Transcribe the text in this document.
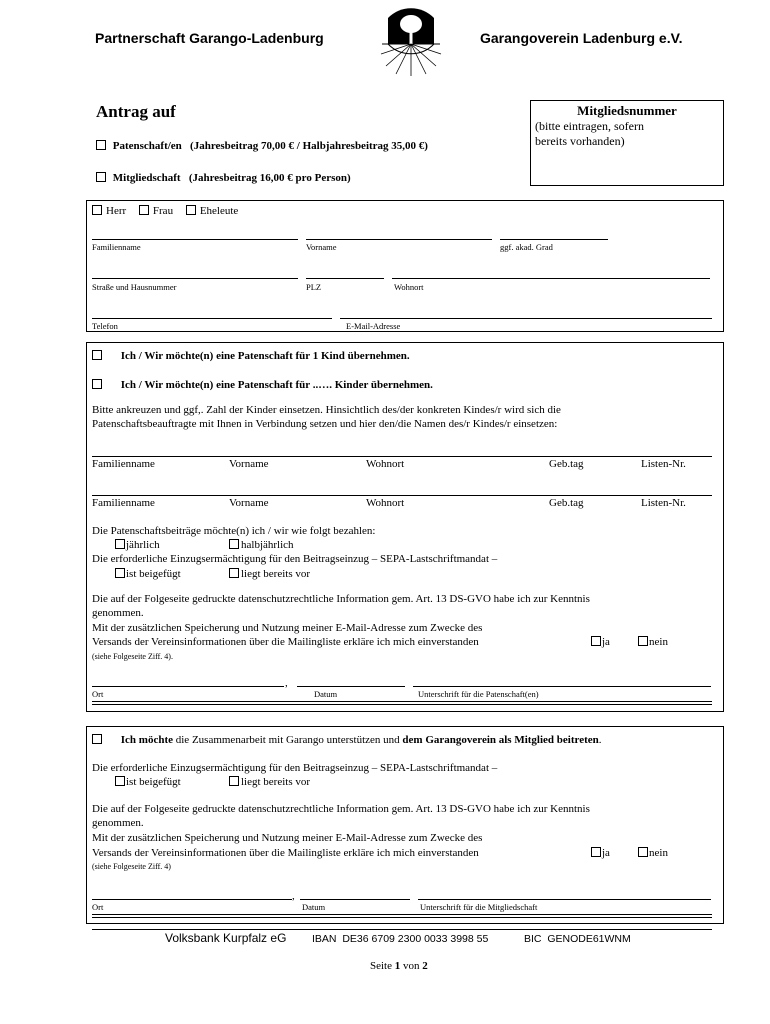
Partnerschaft Garango-Ladenburg	Garangoverein Ladenburg e.V.
Antrag auf
Patenschaft/en   (Jahresbeitrag 70,00 € / Halbjahresbeitrag 35,00 €)
Mitgliedschaft   (Jahresbeitrag 16,00 € pro Person)
Mitgliedsnummer
(bitte eintragen, sofern
bereits vorhanden)
Herr Frau Eheleute
Familienname	Vorname	ggf. akad. Grad
Straße und Hausnummer	PLZ	Wohnort
Telefon	E-Mail-Adresse
Ich / Wir möchte(n) eine Patenschaft für 1 Kind übernehmen.
Ich / Wir möchte(n) eine Patenschaft für ..…. Kinder übernehmen.
Bitte ankreuzen und ggf,. Zahl der Kinder einsetzen. Hinsichtlich des/der konkreten Kindes/r wird sich die
Patenschaftsbeauftragte mit Ihnen in Verbindung setzen und hier den/die Namen des/r Kindes/r einsetzen:
Familienname	Vorname	Wohnort	Geb.tag	Listen-Nr.
Familienname	Vorname	Wohnort	Geb.tag	Listen-Nr.
Die Patenschaftsbeiträge möchte(n) ich / wir wie folgt bezahlen:
jährlich	halbjährlich
Die erforderliche Einzugsermächtigung für den Beitragseinzug – SEPA-Lastschriftmandat –
ist beigefügt	liegt bereits vor
Die auf der Folgeseite gedruckte datenschutzrechtliche Information gem. Art. 13 DS-GVO habe ich zur Kenntnis
genommen.
Mit der zusätzlichen Speicherung und Nutzung meiner E-Mail-Adresse zum Zwecke des
Versands der Vereinsinformationen über die Mailingliste erkläre ich mich einverstanden	ja	nein
(siehe Folgeseite Ziff. 4).
,
Ort	Datum	Unterschrift für die Patenschaft(en)
Ich möchte die Zusammenarbeit mit Garango unterstützen und dem Garangoverein als Mitglied beitreten.
Die erforderliche Einzugsermächtigung für den Beitragseinzug – SEPA-Lastschriftmandat –
ist beigefügt	liegt bereits vor
Die auf der Folgeseite gedruckte datenschutzrechtliche Information gem. Art. 13 DS-GVO habe ich zur Kenntnis
genommen.
Mit der zusätzlichen Speicherung und Nutzung meiner E-Mail-Adresse zum Zwecke des
Versands der Vereinsinformationen über die Mailingliste erkläre ich mich einverstanden	ja	nein
(siehe Folgeseite Ziff. 4)
,
Ort	Datum	Unterschrift für die Mitgliedschaft
Volksbank Kurpfalz eG IBAN  DE36 6709 2300 0033 3998 55	BIC  GENODE61WNM
Seite 1 von 2
